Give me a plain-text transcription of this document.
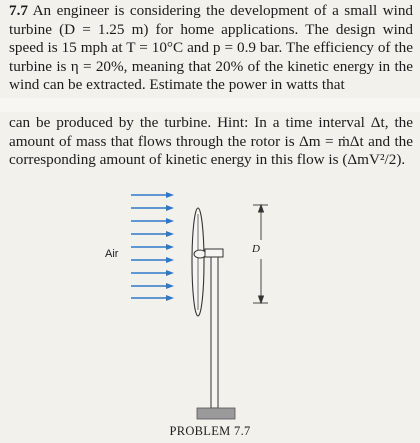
7.7 An engineer is considering the development of a small wind turbine (D = 1.25 m) for home applications. The design wind speed is 15 mph at T = 10°C and p = 0.9 bar. The efficiency of the turbine is η = 20%, meaning that 20% of the kinetic energy in the wind can be extracted. Estimate the power in watts that
can be produced by the turbine. Hint: In a time interval Δt, the amount of mass that flows through the rotor is Δm = ṁΔt and the corresponding amount of kinetic energy in this flow is (ΔmV²/2).
Air	D
PROBLEM 7.7
